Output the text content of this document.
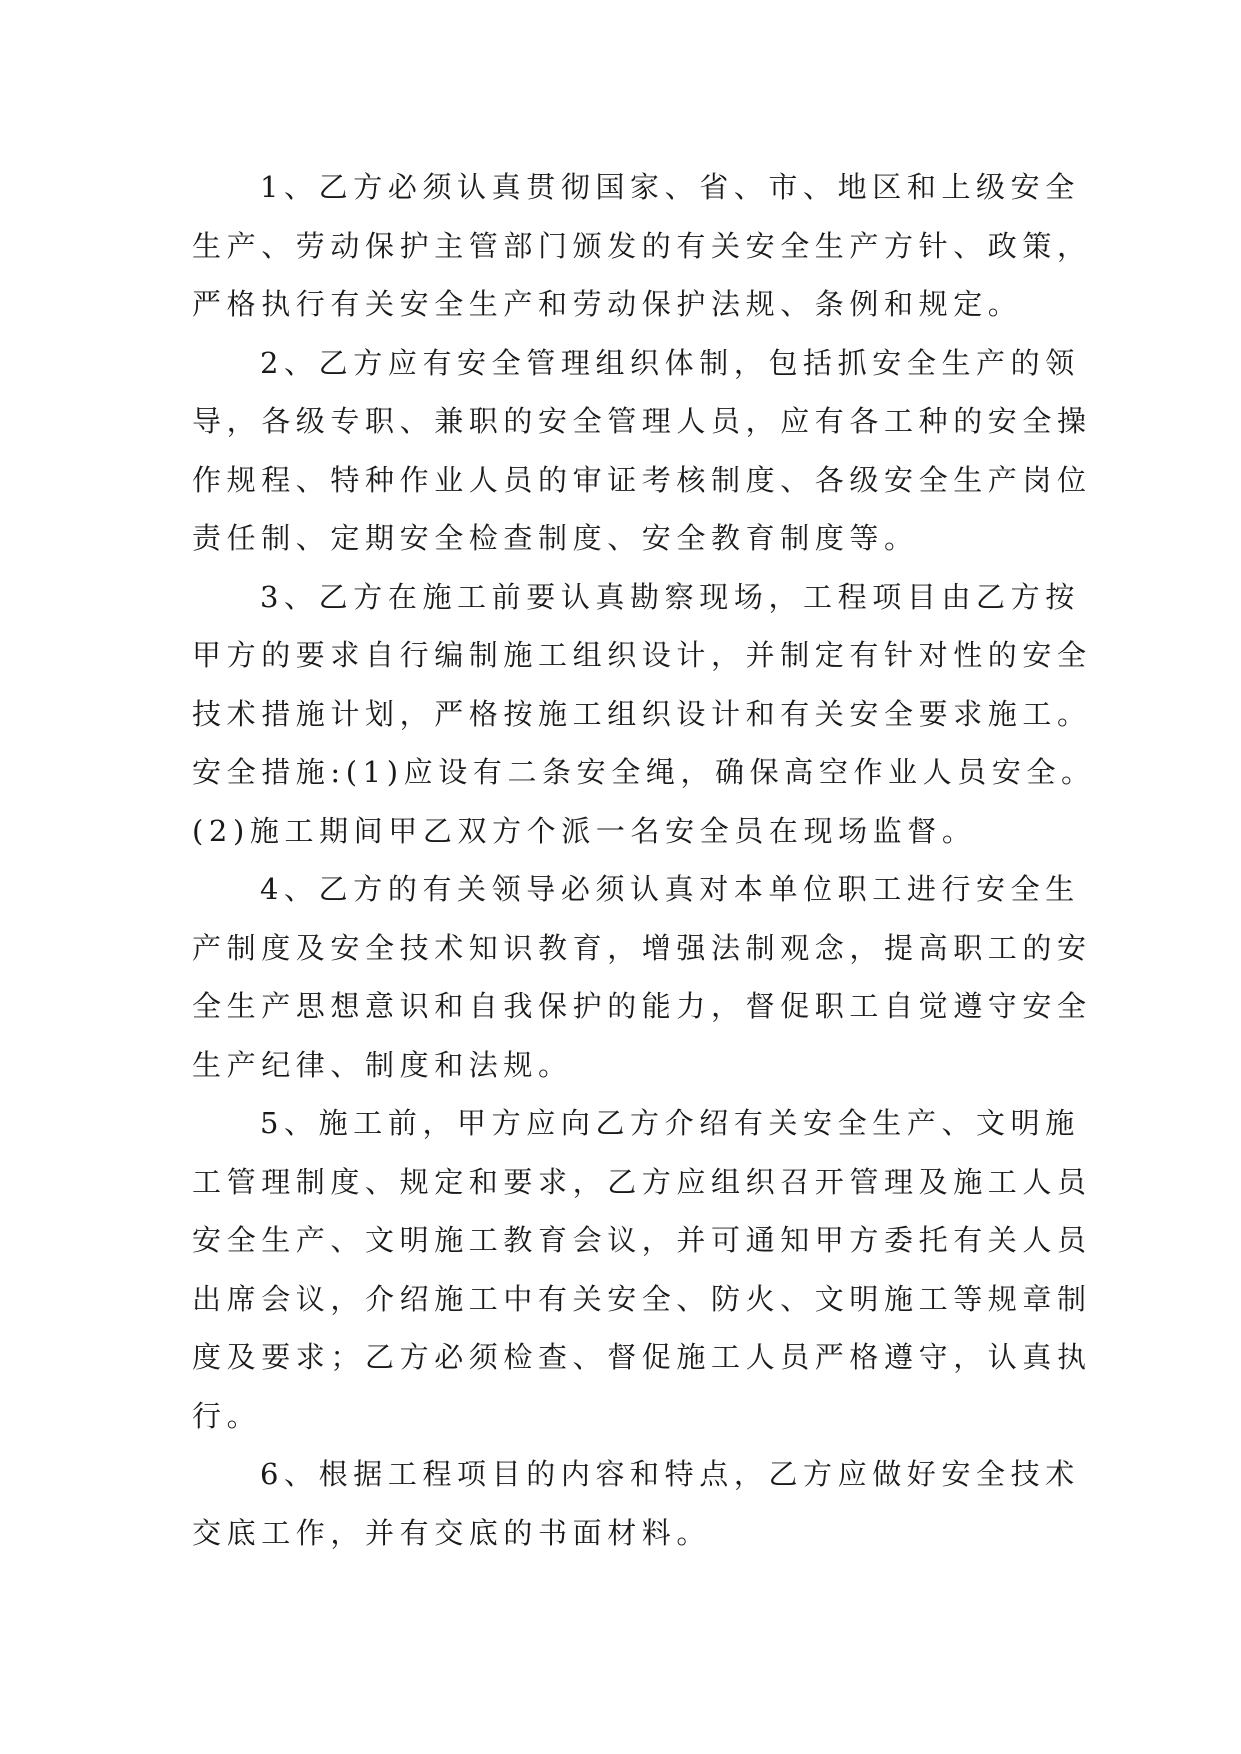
1、乙方必须认真贯彻国家、省、市、地区和上级安全
生产、劳动保护主管部门颁发的有关安全生产方针、政策，
严格执行有关安全生产和劳动保护法规、条例和规定。

2、乙方应有安全管理组织体制，包括抓安全生产的领
导，各级专职、兼职的安全管理人员，应有各工种的安全操
作规程、特种作业人员的审证考核制度、各级安全生产岗位
责任制、定期安全检查制度、安全教育制度等。

3、乙方在施工前要认真勘察现场，工程项目由乙方按
甲方的要求自行编制施工组织设计，并制定有针对性的安全
技术措施计划，严格按施工组织设计和有关安全要求施工。
安全措施:(1)应设有二条安全绳，确保高空作业人员安全。
(2)施工期间甲乙双方个派一名安全员在现场监督。

4、乙方的有关领导必须认真对本单位职工进行安全生
产制度及安全技术知识教育，增强法制观念，提高职工的安
全生产思想意识和自我保护的能力，督促职工自觉遵守安全
生产纪律、制度和法规。

5、施工前，甲方应向乙方介绍有关安全生产、文明施
工管理制度、规定和要求，乙方应组织召开管理及施工人员
安全生产、文明施工教育会议，并可通知甲方委托有关人员
出席会议，介绍施工中有关安全、防火、文明施工等规章制
度及要求；乙方必须检查、督促施工人员严格遵守，认真执
行。

6、根据工程项目的内容和特点，乙方应做好安全技术
交底工作，并有交底的书面材料。
